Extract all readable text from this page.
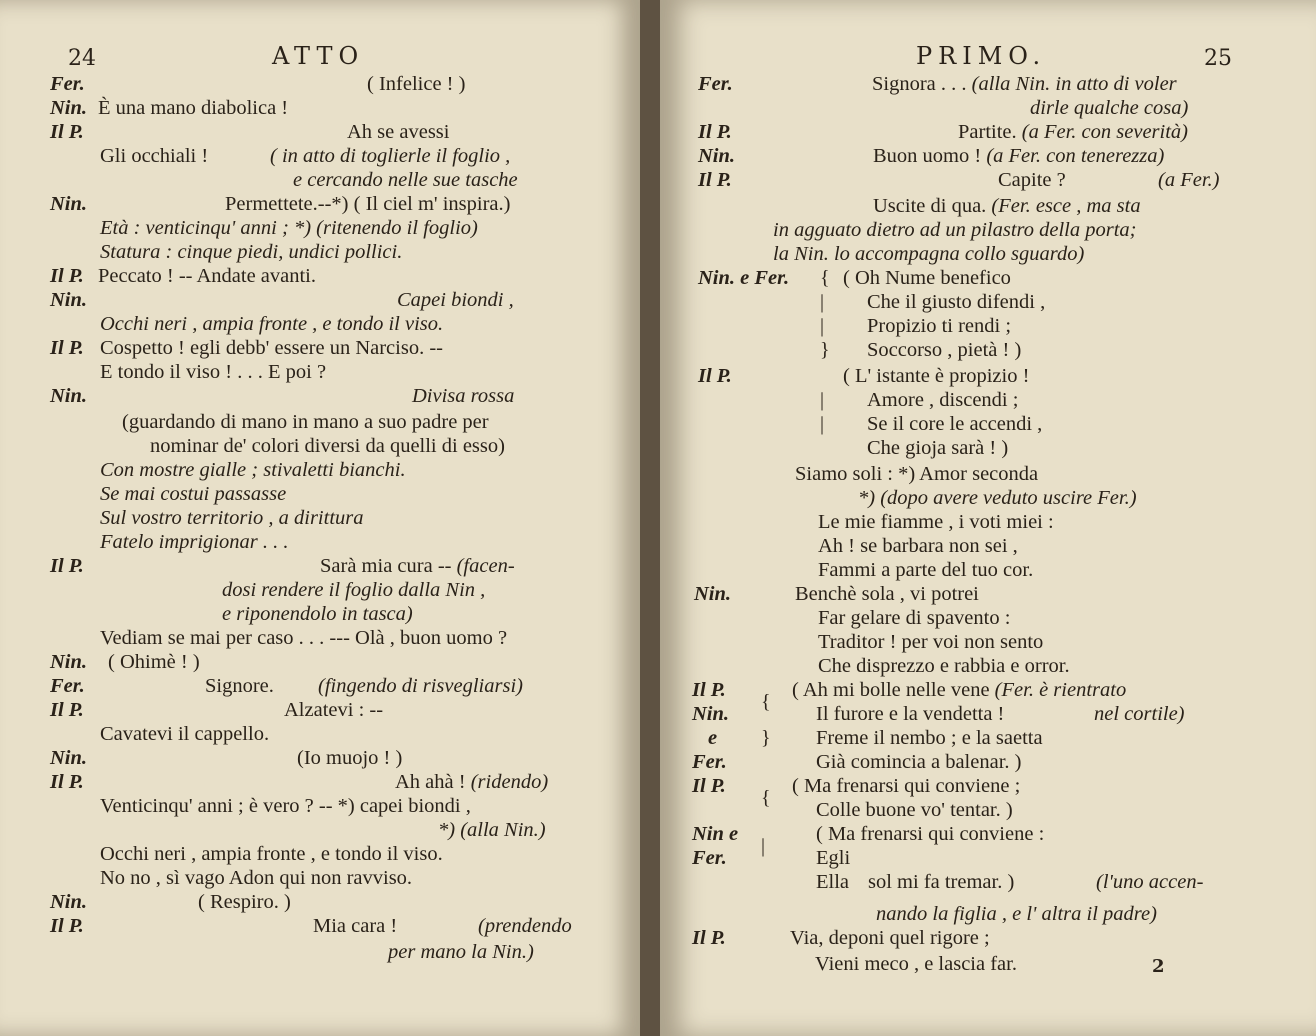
24	ATTO
Fer.	( Infelice ! )
Nin. È una mano diabolica !
Il P.	Ah se avessi
Gli occhiali !	( in atto di toglierle il foglio ,
e cercando nelle sue tasche
Nin.	Permettete.--*) ( Il ciel m' inspira.)
Età : venticinqu' anni ; *) (ritenendo il foglio)
Statura : cinque piedi, undici pollici.
Il P. Peccato ! -- Andate avanti.
Nin.	Capei biondi ,
Occhi neri , ampia fronte , e tondo il viso.
Il P. Cospetto ! egli debb' essere un Narciso. --
E tondo il viso ! . . . E poi ?
Nin.	Divisa rossa
(guardando di mano in mano a suo padre per
nominar de' colori diversi da quelli di esso)
Con mostre gialle ; stivaletti bianchi.
Se mai costui passasse
Sul vostro territorio , a dirittura
Fatelo imprigionar . . .
Il P.	Sarà mia cura -- (facen-
dosi rendere il foglio dalla Nin ,
e riponendolo in tasca)
Vediam se mai per caso . . . --- Olà , buon uomo ?
Nin. ( Ohimè ! )
Fer.	Signore. (fingendo di risvegliarsi)
Il P.	Alzatevi : --
Cavatevi il cappello.
Nin.	(Io muojo ! )
Il P.	Ah ahà ! (ridendo)
Venticinqu' anni ; è vero ? -- *) capei biondi ,
*) (alla Nin.)
Occhi neri , ampia fronte , e tondo il viso.
No no , sì vago Adon qui non ravviso.
Nin.	( Respiro. )
Il P.	Mia cara !	(prendendo
per mano la Nin.)
PRIMO.	25
Fer.	Signora . . . (alla Nin. in atto di voler
dirle qualche cosa)
Il P.	Partite. (a Fer. con severità)
Nin.	Buon uomo ! (a Fer. con tenerezza)
Il P.	Capite ?	(a Fer.)
Uscite di qua. (Fer. esce , ma sta
in agguato dietro ad un pilastro della porta;
la Nin. lo accompagna collo sguardo)
Nin. e Fer.	( Oh Nume benefico
Che il giusto difendi ,
Propizio ti rendi ;
Soccorso , pietà ! )
Il P.	( L' istante è propizio !
Amore , discendi ;
Se il core le accendi ,
Che gioja sarà ! )
Siamo soli : *) Amor seconda
*) (dopo avere veduto uscire Fer.)
Le mie fiamme , i voti miei :
Ah ! se barbara non sei ,
Fammi a parte del tuo cor.
Nin.	Benchè sola , vi potrei
Far gelare di spavento :
Traditor ! per voi non sento
Che disprezzo e rabbia e orror.
Il P.	( Ah mi bolle nelle vene (Fer. è rientrato
Nin.	Il furore e la vendetta !	nel cortile)
e	Freme il nembo ; e la saetta
Fer.	Già comincia a balenar. )
Il P.	( Ma frenarsi qui conviene ;
Colle buone vo' tentar. )
Nin e	( Ma frenarsi qui conviene :
Fer.	Egli
Ella sol mi fa tremar. )	(l'uno accen-
nando la figlia , e l' altra il padre)
Il P.	Via, deponi quel rigore ;
Vieni meco , e lascia far.
{
|
|
}
|
|
{
}
{
|
2
